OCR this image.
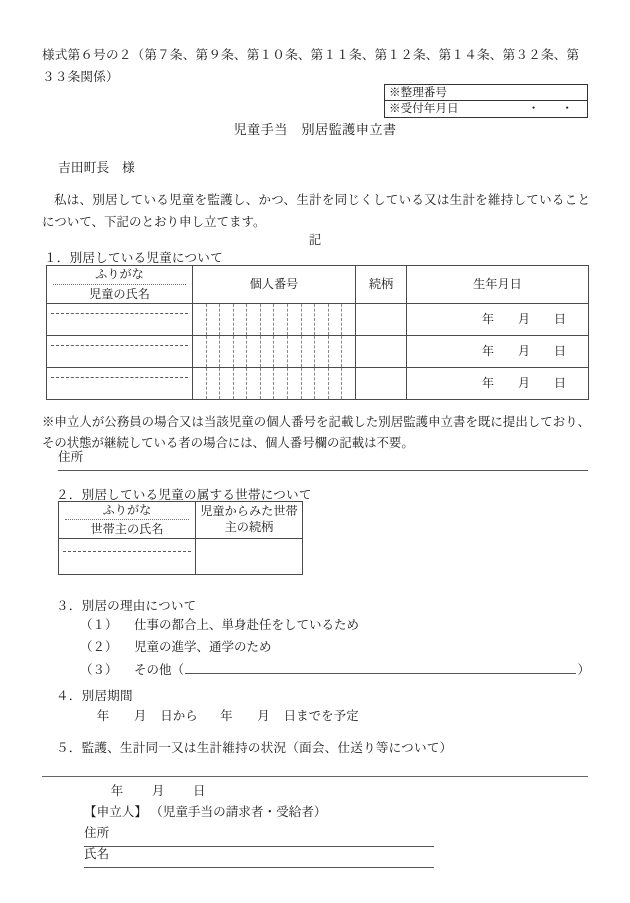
様式第６号の２（第７条、第９条、第１０条、第１１条、第１２条、第１４条、第３２条、第３３条関係）
※整理番号
※受付年月日	・ ・
児童手当　別居監護申立書
吉田町長　様
私は、別居している児童を監護し、かつ、生計を同じくしている又は生計を維持していることについて、下記のとおり申し立てます。
記
１．別居している児童について
ふりがな
児童の氏名	個人番号	続柄	生年月日

			年 月 日

			年 月 日

			年 月 日
※申立人が公務員の場合又は当該児童の個人番号を記載した別居監護申立書を既に提出しており、その状態が継続している者の場合には、個人番号欄の記載は不要。
住所
２．別居している児童の属する世帯について
ふりがな
世帯主の氏名	児童からみた世帯主の続柄

３．別居の理由について
（１）	仕事の都合上、単身赴任をしているため
（２）	児童の進学、通学のため
（３）	その他 （	）
４．別居期間
年 月 日から 年 月 日までを予定
５．監護、生計同一又は生計維持の状況（面会、仕送り等について）
年 月 日
【申立人】 （児童手当の請求者・受給者）
住所
氏名
